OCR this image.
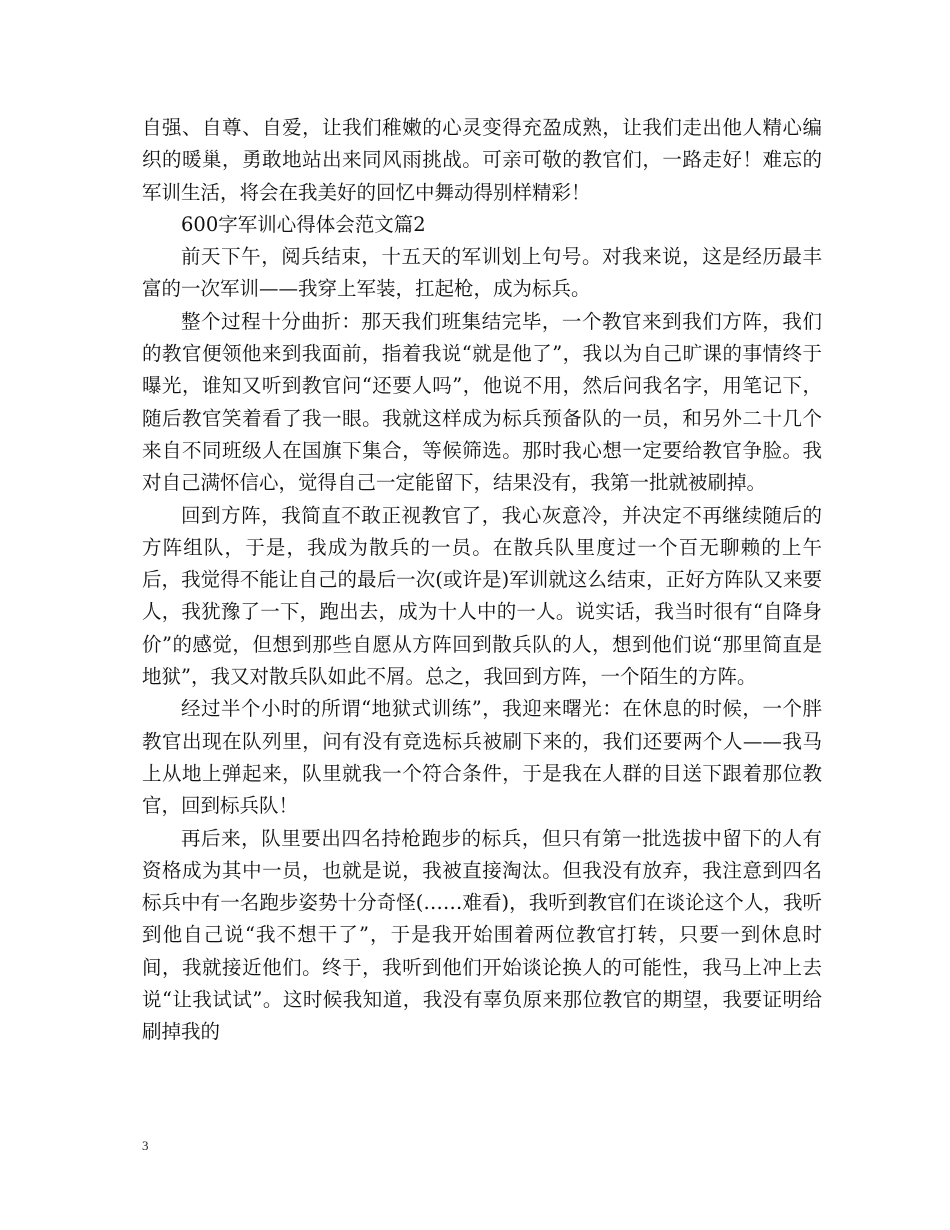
自强、自尊、自爱，让我们稚嫩的心灵变得充盈成熟，让我们走出他人精心编织的暖巢，勇敢地站出来同风雨挑战。可亲可敬的教官们，一路走好！难忘的军训生活，将会在我美好的回忆中舞动得别样精彩！

600字军训心得体会范文篇2

前天下午，阅兵结束，十五天的军训划上句号。对我来说，这是经历最丰富的一次军训——我穿上军装，扛起枪，成为标兵。

整个过程十分曲折：那天我们班集结完毕，一个教官来到我们方阵，我们的教官便领他来到我面前，指着我说“就是他了”，我以为自己旷课的事情终于曝光，谁知又听到教官问“还要人吗”，他说不用，然后问我名字，用笔记下，随后教官笑着看了我一眼。我就这样成为标兵预备队的一员，和另外二十几个来自不同班级人在国旗下集合，等候筛选。那时我心想一定要给教官争脸。我对自己满怀信心，觉得自己一定能留下，结果没有，我第一批就被刷掉。

回到方阵，我简直不敢正视教官了，我心灰意冷，并决定不再继续随后的方阵组队，于是，我成为散兵的一员。在散兵队里度过一个百无聊赖的上午后，我觉得不能让自己的最后一次(或许是)军训就这么结束，正好方阵队又来要人，我犹豫了一下，跑出去，成为十人中的一人。说实话，我当时很有“自降身价”的感觉，但想到那些自愿从方阵回到散兵队的人，想到他们说“那里简直是地狱”，我又对散兵队如此不屑。总之，我回到方阵，一个陌生的方阵。

经过半个小时的所谓“地狱式训练”，我迎来曙光：在休息的时候，一个胖教官出现在队列里，问有没有竞选标兵被刷下来的，我们还要两个人——我马上从地上弹起来，队里就我一个符合条件，于是我在人群的目送下跟着那位教官，回到标兵队！

再后来，队里要出四名持枪跑步的标兵，但只有第一批选拔中留下的人有资格成为其中一员，也就是说，我被直接淘汰。但我没有放弃，我注意到四名标兵中有一名跑步姿势十分奇怪(……难看)，我听到教官们在谈论这个人，我听到他自己说“我不想干了”，于是我开始围着两位教官打转，只要一到休息时间，我就接近他们。终于，我听到他们开始谈论换人的可能性，我马上冲上去说“让我试试”。这时候我知道，我没有辜负原来那位教官的期望，我要证明给刷掉我的

3
